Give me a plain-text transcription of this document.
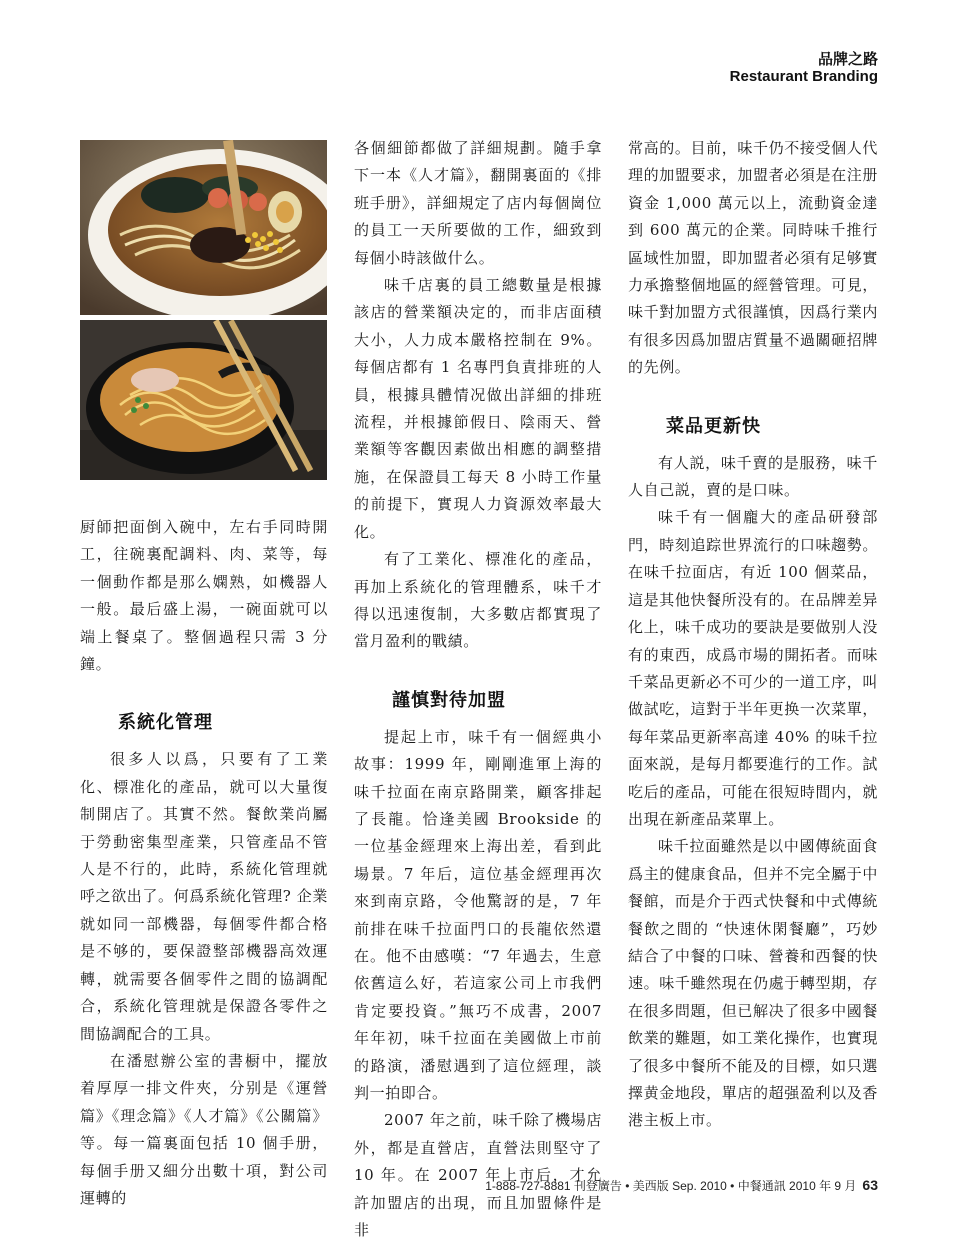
品牌之路
Restaurant Branding

厨師把面倒入碗中，左右手同時開工，往碗裏配調料、肉、菜等，每一個動作都是那么嫻熟，如機器人一般。最后盛上湯，一碗面就可以端上餐桌了。整個過程只需 3 分鐘。

系統化管理

很多人以爲，只要有了工業化、標准化的產品，就可以大量復制開店了。其實不然。餐飲業尚屬于勞動密集型產業，只管產品不管人是不行的，此時，系統化管理就呼之欲出了。何爲系統化管理? 企業就如同一部機器，每個零件都合格是不够的，要保證整部機器高效運轉，就需要各個零件之間的協調配合，系統化管理就是保證各零件之間協調配合的工具。

在潘慰辦公室的書橱中，擺放着厚厚一排文件夾，分别是《運營篇》《理念篇》《人才篇》《公關篇》等。每一篇裏面包括 10 個手册，每個手册又細分出數十項，對公司運轉的

各個細節都做了詳細規劃。隨手拿下一本《人才篇》，翻開裏面的《排班手册》，詳細規定了店内每個崗位的員工一天所要做的工作，細致到每個小時該做什么。

味千店裏的員工總數量是根據該店的營業額决定的，而非店面積大小，人力成本嚴格控制在 9%。每個店都有 1 名專門負責排班的人員，根據具體情况做出詳細的排班流程，并根據節假日、陰雨天、營業額等客觀因素做出相應的調整措施，在保證員工每天 8 小時工作量的前提下，實現人力資源效率最大化。

有了工業化、標准化的產品，再加上系統化的管理體系，味千才得以迅速復制，大多數店都實現了當月盈利的戰績。

謹慎對待加盟

提起上市，味千有一個經典小故事：1999 年，剛剛進軍上海的味千拉面在南京路開業，顧客排起了長龍。恰逢美國 Brookside 的一位基金經理來上海出差，看到此場景。7 年后，這位基金經理再次來到南京路，令他驚訝的是，7 年前排在味千拉面門口的長龍依然還在。他不由感嘆：“7 年過去，生意依舊這么好，若這家公司上市我們肯定要投資。”無巧不成書，2007 年年初，味千拉面在美國做上市前的路演，潘慰遇到了這位經理，談判一拍即合。

2007 年之前，味千除了機場店外，都是直營店，直營法則堅守了 10 年。在 2007 年上市后，才允許加盟店的出現，而且加盟條件是非

常高的。目前，味千仍不接受個人代理的加盟要求，加盟者必須是在注册資金 1,000 萬元以上，流動資金達到 600 萬元的企業。同時味千推行區域性加盟，即加盟者必須有足够實力承擔整個地區的經營管理。可見，味千對加盟方式很謹慎，因爲行業内有很多因爲加盟店質量不過關砸招牌的先例。

菜品更新快

有人説，味千賣的是服務，味千人自己説，賣的是口味。

味千有一個龐大的產品研發部門，時刻追踪世界流行的口味趨勢。在味千拉面店，有近 100 個菜品，這是其他快餐所没有的。在品牌差异化上，味千成功的要訣是要做别人没有的東西，成爲市場的開拓者。而味千菜品更新必不可少的一道工序，叫做試吃，這對于半年更换一次菜單，每年菜品更新率高達 40% 的味千拉面來説，是每月都要進行的工作。試吃后的產品，可能在很短時間内，就出現在新產品菜單上。

味千拉面雖然是以中國傳統面食爲主的健康食品，但并不完全屬于中餐館，而是介于西式快餐和中式傳統餐飲之間的 “快速休閑餐廳”，巧妙結合了中餐的口味、營養和西餐的快速。味千雖然現在仍處于轉型期，存在很多問題，但已解决了很多中國餐飲業的難題，如工業化操作，也實現了很多中餐所不能及的目標，如只選擇黄金地段，單店的超强盈利以及香港主板上市。

1-888-727-8881 刊登廣告 • 美西版 Sep. 2010 • 中餐通訊 2010 年 9 月 63
